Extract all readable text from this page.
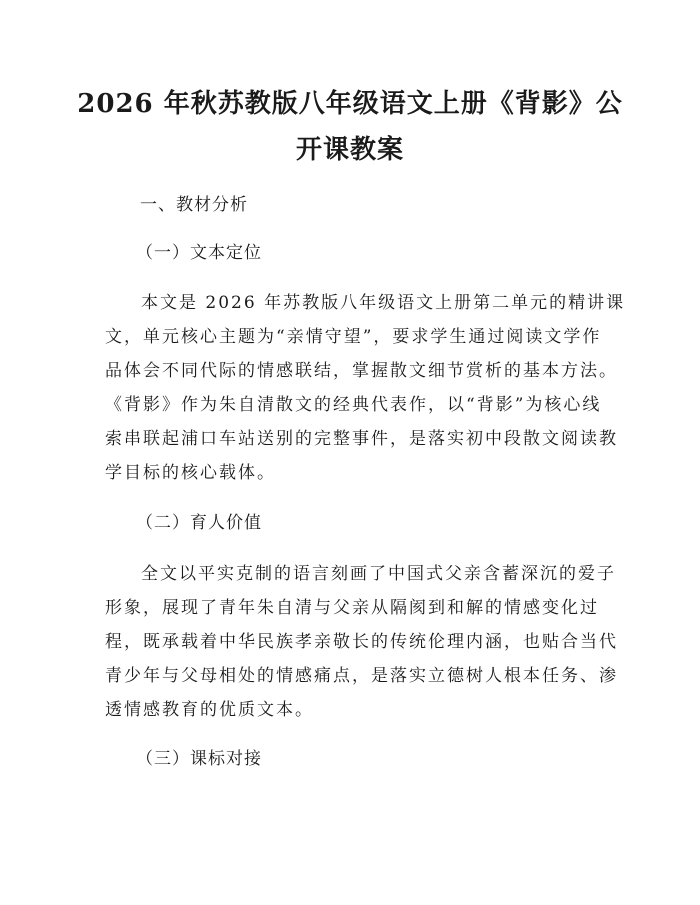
2026 年秋苏教版八年级语文上册《背影》公
开课教案
一、教材分析
（一）文本定位
本文是 2026 年苏教版八年级语文上册第二单元的精讲课
文，单元核心主题为“亲情守望”，要求学生通过阅读文学作
品体会不同代际的情感联结，掌握散文细节赏析的基本方法。
《背影》作为朱自清散文的经典代表作，以“背影”为核心线
索串联起浦口车站送别的完整事件，是落实初中段散文阅读教
学目标的核心载体。
（二）育人价值
全文以平实克制的语言刻画了中国式父亲含蓄深沉的爱子
形象，展现了青年朱自清与父亲从隔阂到和解的情感变化过
程，既承载着中华民族孝亲敬长的传统伦理内涵，也贴合当代
青少年与父母相处的情感痛点，是落实立德树人根本任务、渗
透情感教育的优质文本。
（三）课标对接
